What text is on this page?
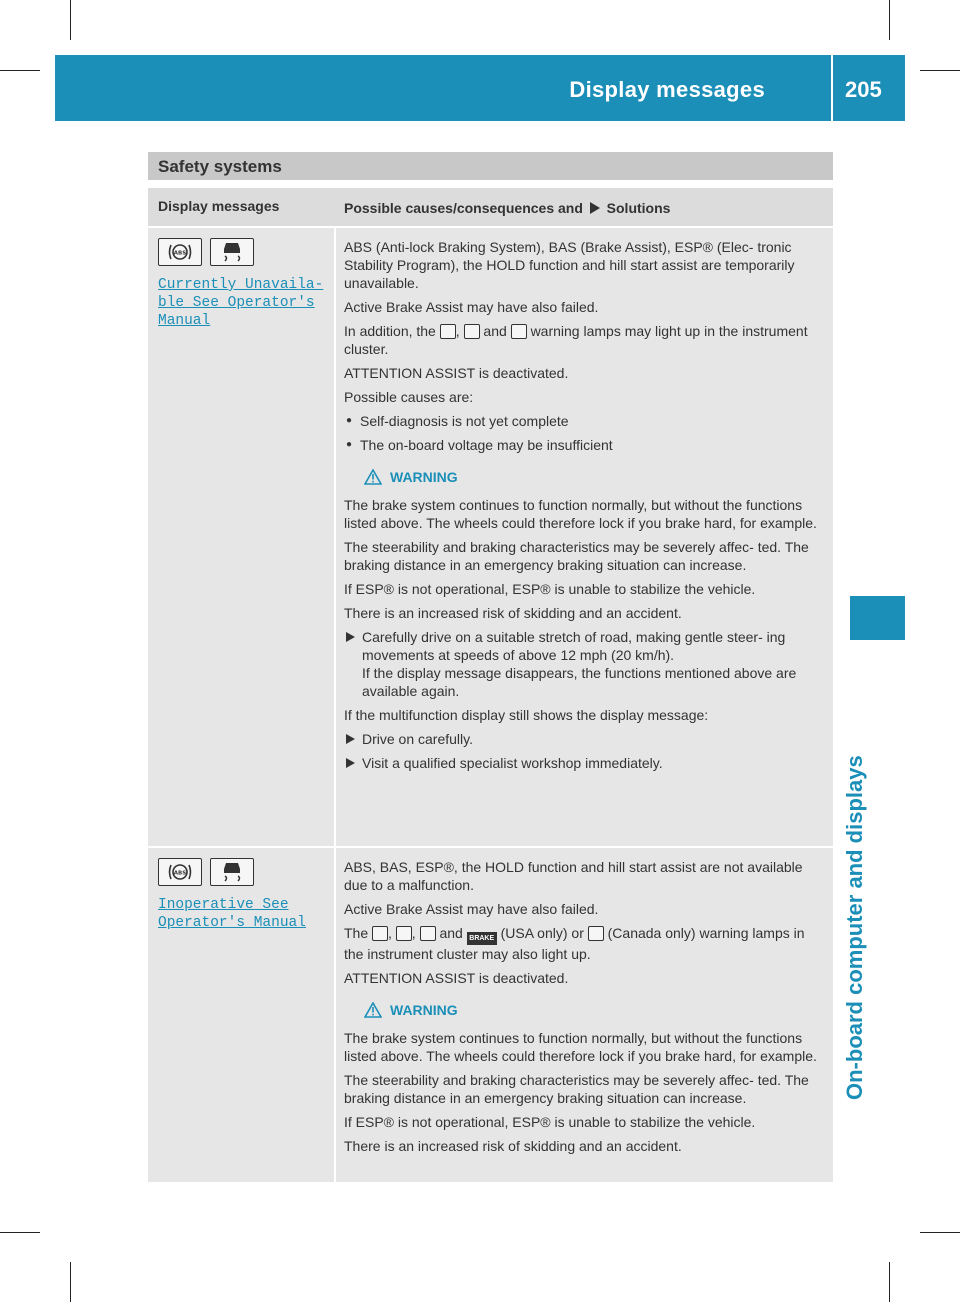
Display messages	205
On-board computer and displays
Safety systems
Display messages	Possible causes/consequences and Solutions
ABS
Currently Unavaila‐ ble See Operator's Manual

ABS (Anti-lock Braking System), BAS (Brake Assist), ESP® (Elec- tronic Stability Program), the HOLD function and hill start assist are temporarily unavailable.

Active Brake Assist may have also failed.

In addition, the ,  and warning lamps may light up in the instrument cluster.

ATTENTION ASSIST is deactivated.

Possible causes are:

● Self-diagnosis is not yet complete
● The on-board voltage may be insufficient
WARNING

The brake system continues to function normally, but without the functions listed above. The wheels could therefore lock if you brake hard, for example.

The steerability and braking characteristics may be severely affec- ted. The braking distance in an emergency braking situation can increase.

If ESP® is not operational, ESP® is unable to stabilize the vehicle.

There is an increased risk of skidding and an accident.

Carefully drive on a suitable stretch of road, making gentle steer- ing movements at speeds of above 12 mph (20 km/h).
If the display message disappears, the functions mentioned above are available again.

If the multifunction display still shows the display message:

Drive on carefully.
Visit a qualified specialist workshop immediately.
ABS
Inoperative See Operator's Manual

ABS, BAS, ESP®, the HOLD function and hill start assist are not available due to a malfunction.

Active Brake Assist may have also failed.

The , ,  and BRAKE (USA only) or (Canada only) warning lamps in the instrument cluster may also light up.

ATTENTION ASSIST is deactivated.

WARNING

The brake system continues to function normally, but without the functions listed above. The wheels could therefore lock if you brake hard, for example.

The steerability and braking characteristics may be severely affec- ted. The braking distance in an emergency braking situation can increase.

If ESP® is not operational, ESP® is unable to stabilize the vehicle.

There is an increased risk of skidding and an accident.
